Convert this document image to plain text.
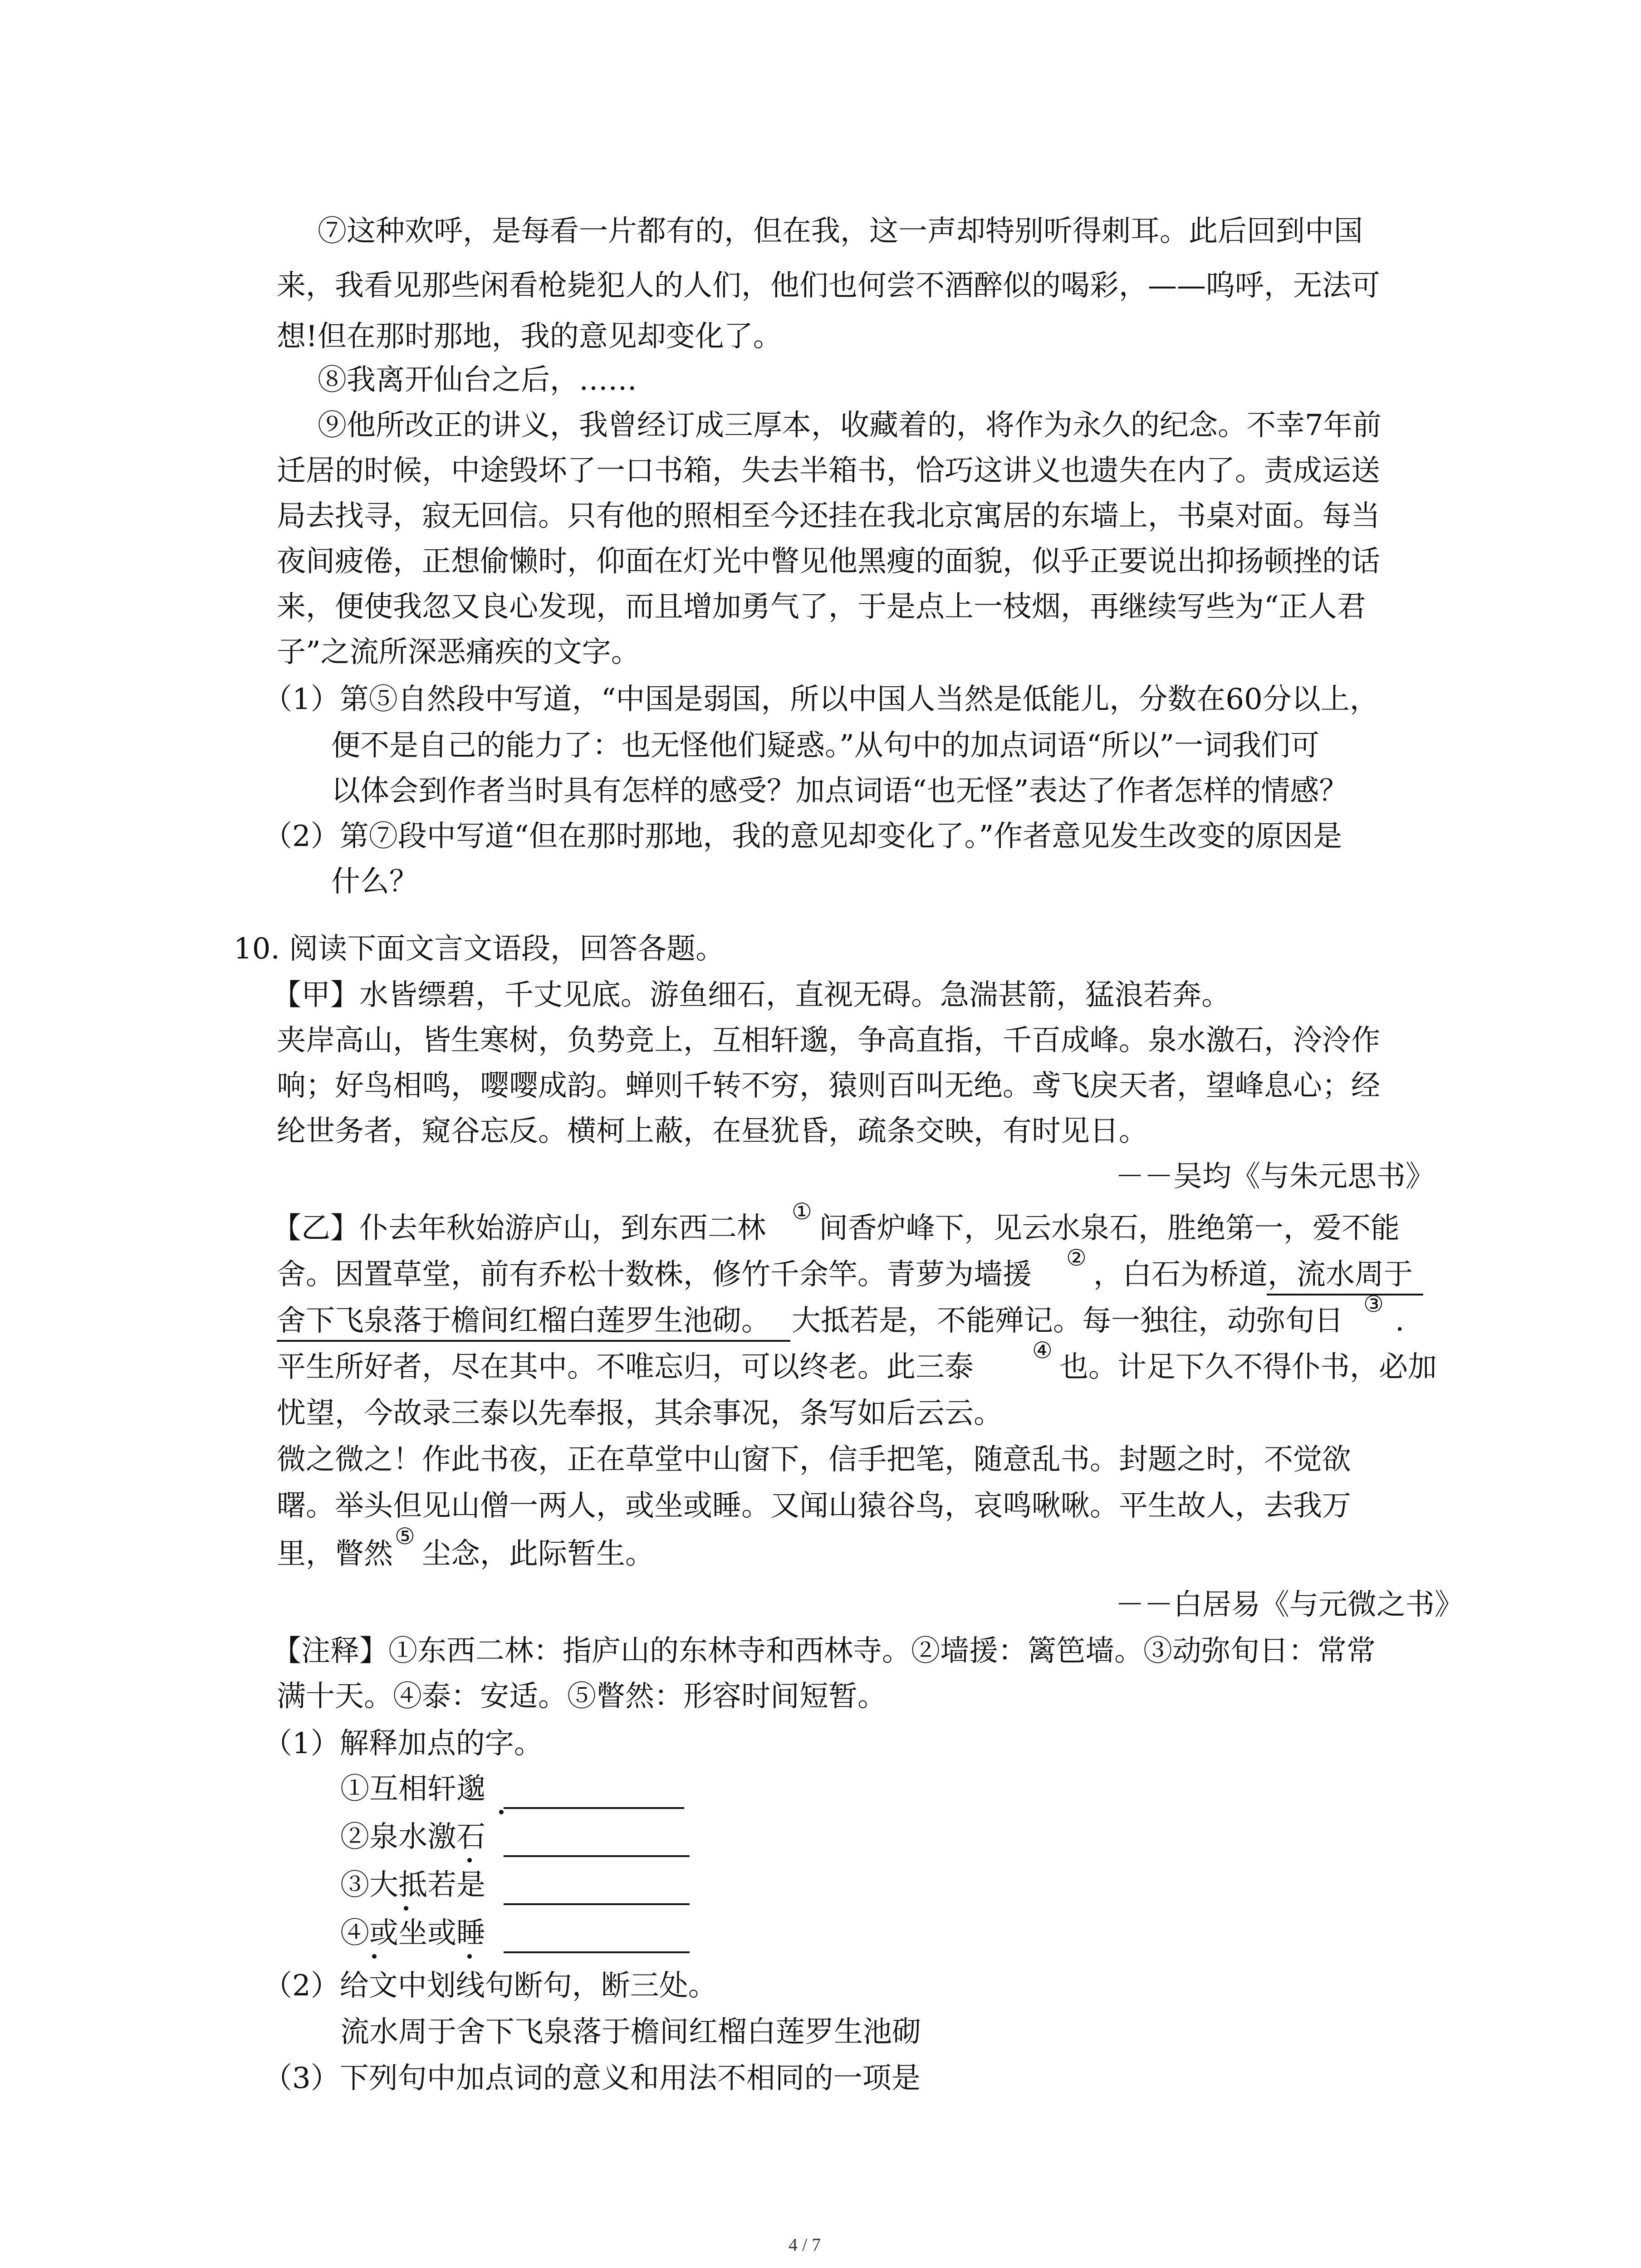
⑦这种欢呼，是每看一片都有的，但在我，这一声却特别听得刺耳。此后回到中国
来，我看见那些闲看枪毙犯人的人们，他们也何尝不酒醉似的喝彩，——呜呼，无法可
想!但在那时那地，我的意见却变化了。
⑧我离开仙台之后，……
⑨他所改正的讲义，我曾经订成三厚本，收藏着的，将作为永久的纪念。不幸7年前
迁居的时候，中途毁坏了一口书箱，失去半箱书，恰巧这讲义也遗失在内了。责成运送
局去找寻，寂无回信。只有他的照相至今还挂在我北京寓居的东墙上，书桌对面。每当
夜间疲倦，正想偷懒时，仰面在灯光中瞥见他黑瘦的面貌，似乎正要说出抑扬顿挫的话
来，便使我忽又良心发现，而且增加勇气了，于是点上一枝烟，再继续写些为“正人君
子”之流所深恶痛疾的文字。
（1）第⑤自然段中写道，“中国是弱国，所以中国人当然是低能儿，分数在60分以上，
便不是自己的能力了：也无怪他们疑惑。”从句中的加点词语“所以”一词我们可
以体会到作者当时具有怎样的感受？加点词语“也无怪”表达了作者怎样的情感？
（2）第⑦段中写道“但在那时那地，我的意见却变化了。”作者意见发生改变的原因是
什么？
10. 阅读下面文言文语段，回答各题。
【甲】水皆缥碧，千丈见底。游鱼细石，直视无碍。急湍甚箭，猛浪若奔。
夹岸高山，皆生寒树，负势竞上，互相轩邈，争高直指，千百成峰。泉水激石，泠泠作
响；好鸟相鸣，嘤嘤成韵。蝉则千转不穷，猿则百叫无绝。鸢飞戾天者，望峰息心；经
纶世务者，窥谷忘反。横柯上蔽，在昼犹昏，疏条交映，有时见日。
－－吴均《与朱元思书》
【乙】仆去年秋始游庐山，到东西二林 ① 间香炉峰下，见云水泉石，胜绝第一，爱不能
舍。因置草堂，前有乔松十数株，修竹千余竿。青萝为墙援 ② ，白石为桥道，流水周于
舍下飞泉落于檐间红榴白莲罗生池砌。 大抵若是，不能殚记。每一独往，动弥旬日 ③ .
平生所好者，尽在其中。不唯忘归，可以终老。此三泰	④ 也。计足下久不得仆书，必加
忧望，今故录三泰以先奉报，其余事况，条写如后云云。
微之微之！作此书夜，正在草堂中山窗下，信手把笔，随意乱书。封题之时，不觉欲
曙。举头但见山僧一两人，或坐或睡。又闻山猿谷鸟，哀鸣啾啾。平生故人，去我万
里，瞥然
⑤
尘念，此际暂生。
－－白居易《与元微之书》
【注释】①东西二林：指庐山的东林寺和西林寺。②墙援：篱笆墙。③动弥旬日：常常
满十天。④泰：安适。⑤瞥然：形容时间短暂。
（1）解释加点的字。
①互相轩邈
②泉水激石
③大抵若是
④或坐或睡
（2）给文中划线句断句，断三处。
流水周于舍下飞泉落于檐间红榴白莲罗生池砌
（3）下列句中加点词的意义和用法不相同的一项是
4 / 7
